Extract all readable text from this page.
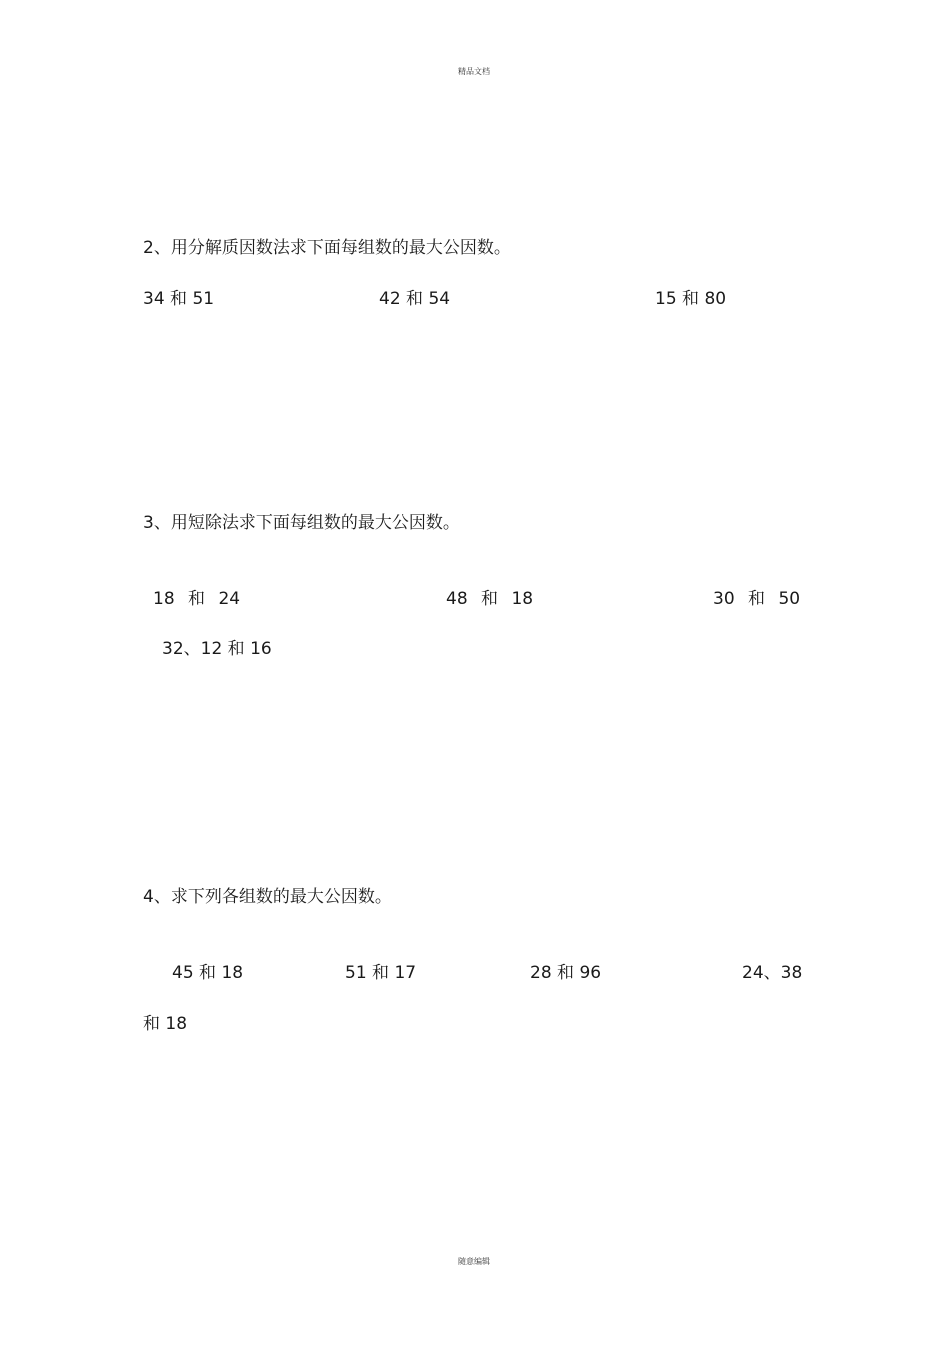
精品文档
2、用分解质因数法求下面每组数的最大公因数。
34 和 51	42 和 54	15 和 80
3、用短除法求下面每组数的最大公因数。
18 和 24	48 和 18	30 和 50
32、12 和 16
4、求下列各组数的最大公因数。
45 和 18	51 和 17	28 和 96	24、38
和 18
随意编辑
